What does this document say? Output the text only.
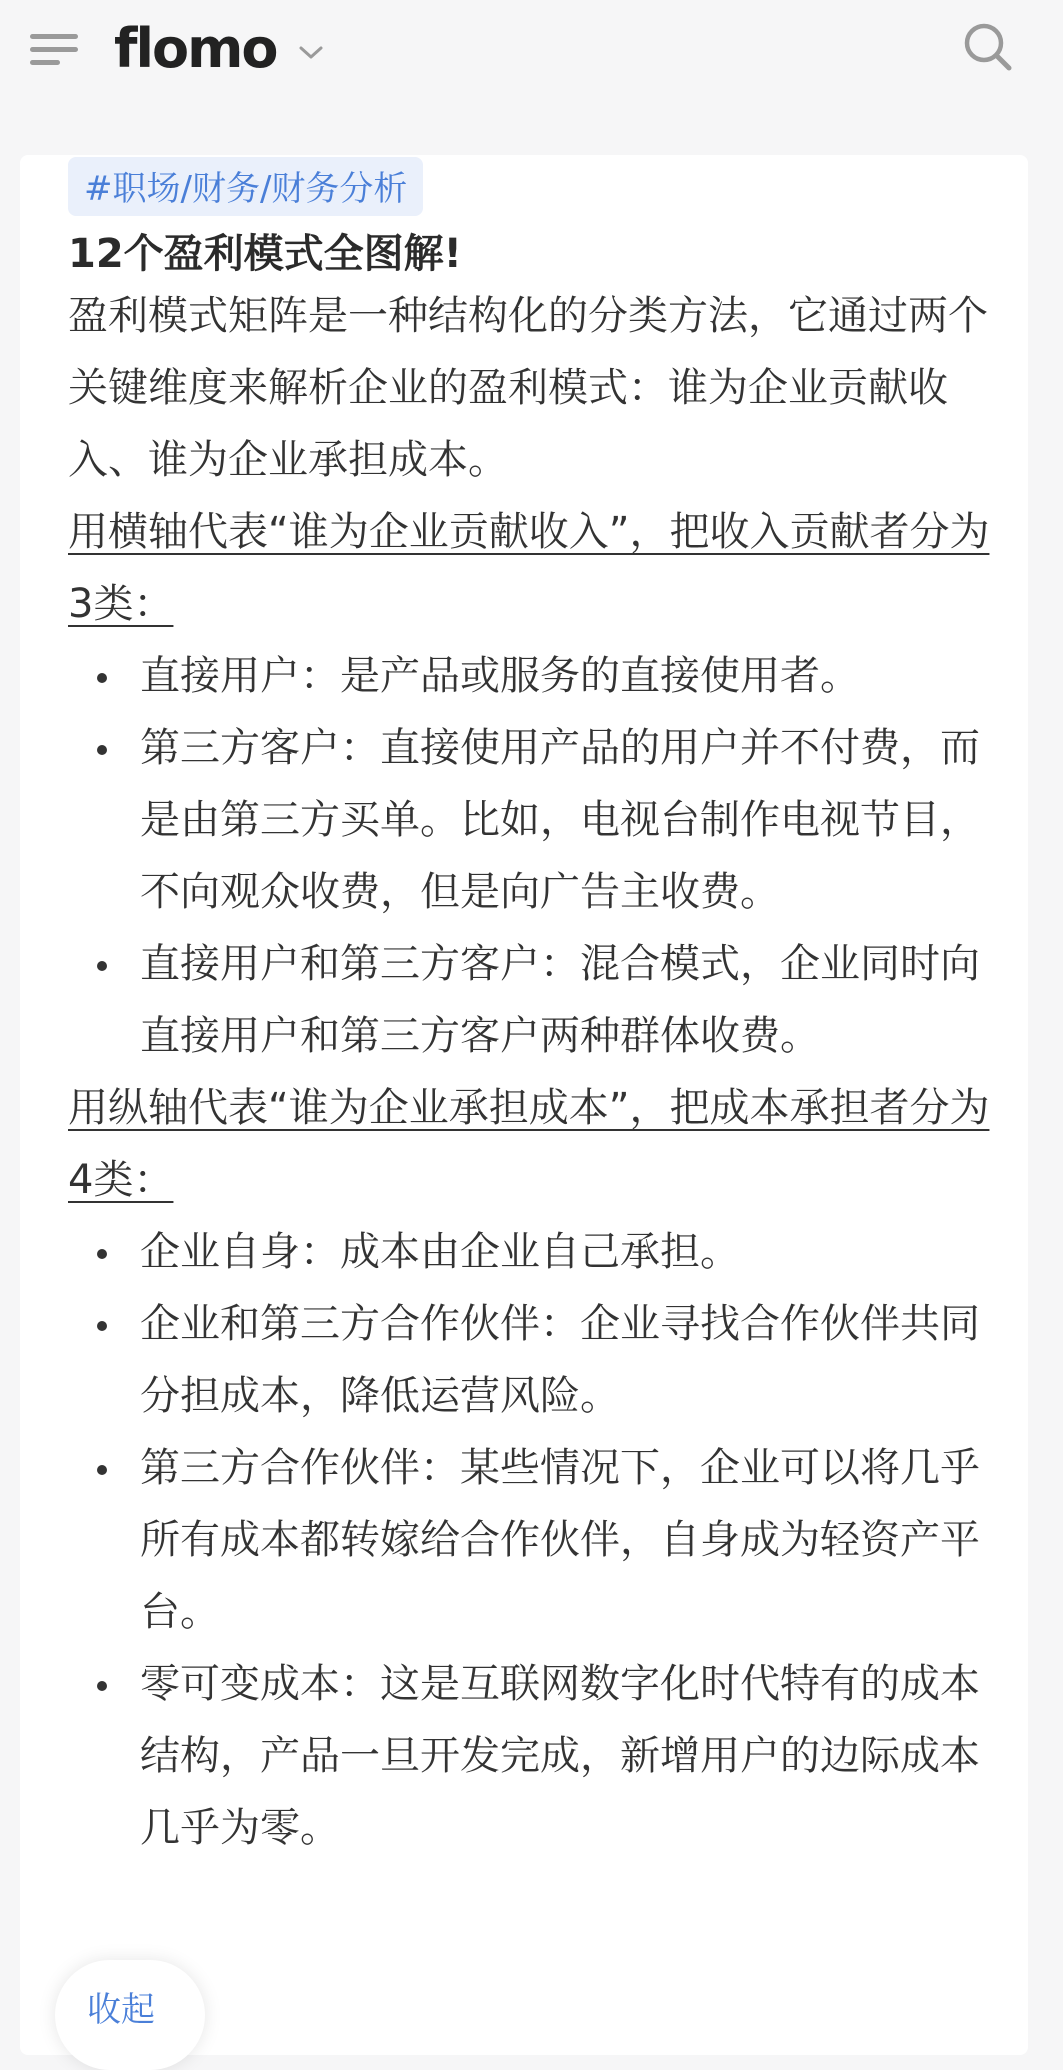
flomo
#职场/财务/财务分析
12个盈利模式全图解!

盈利模式矩阵是一种结构化的分类方法，它通过两个关键维度来解析企业的盈利模式：谁为企业贡献收入、谁为企业承担成本。

用横轴代表“谁为企业贡献收入”，把收入贡献者分为3类：

直接用户：是产品或服务的直接使用者。
第三方客户：直接使用产品的用户并不付费，而是由第三方买单。比如，电视台制作电视节目，不向观众收费，但是向广告主收费。
直接用户和第三方客户：混合模式，企业同时向直接用户和第三方客户两种群体收费。

用纵轴代表“谁为企业承担成本”，把成本承担者分为4类：

企业自身：成本由企业自己承担。
企业和第三方合作伙伴：企业寻找合作伙伴共同分担成本，降低运营风险。
第三方合作伙伴：某些情况下，企业可以将几乎所有成本都转嫁给合作伙伴，自身成为轻资产平台。
零可变成本：这是互联网数字化时代特有的成本结构，产品一旦开发完成，新增用户的边际成本几乎为零。
收起
